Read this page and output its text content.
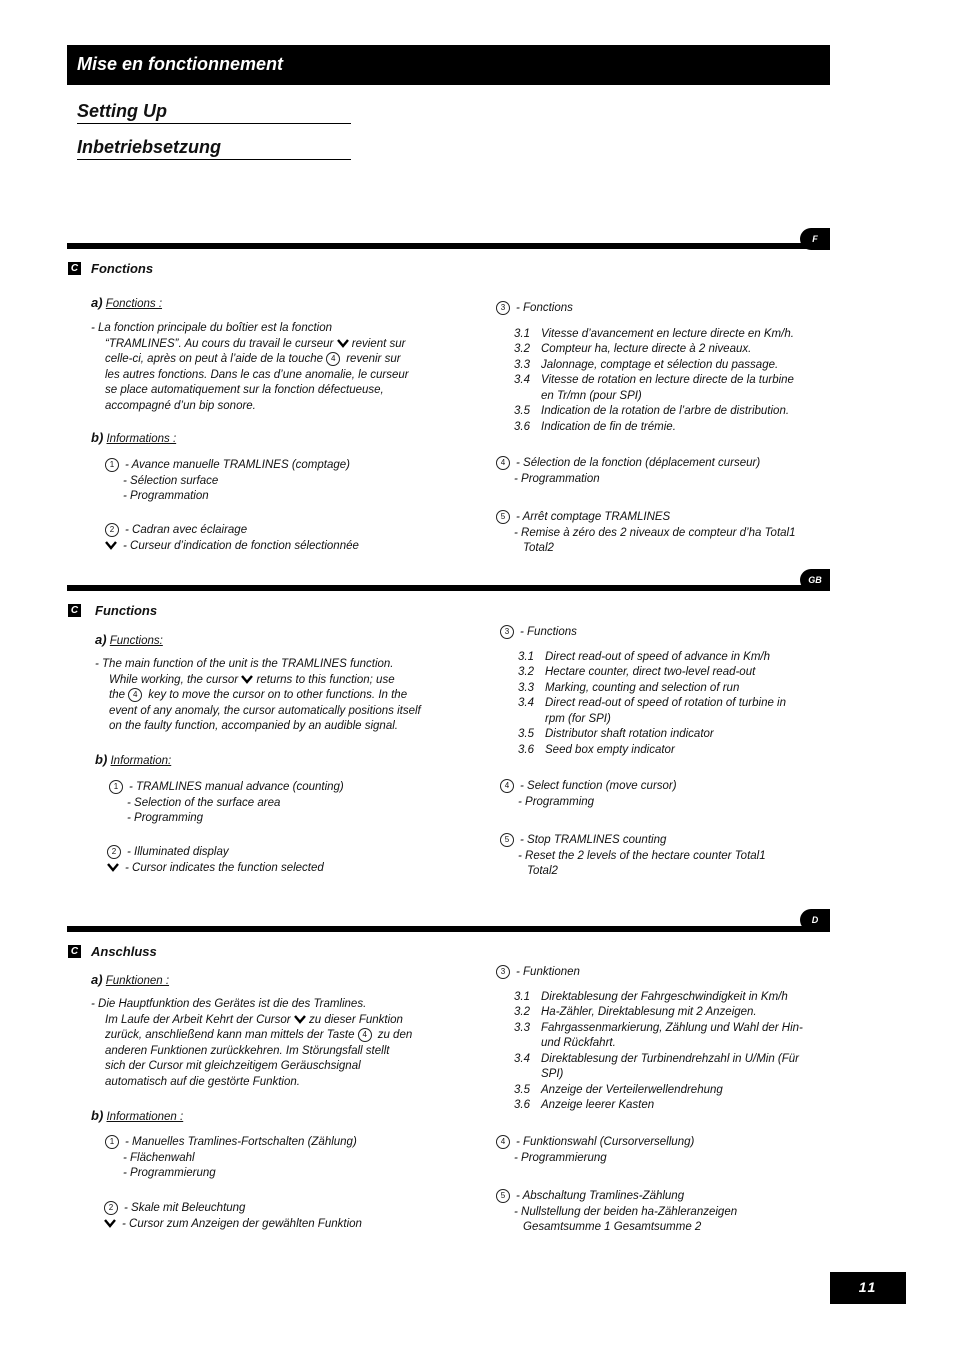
Mise en fonctionnement
Setting Up
Inbetriebsetzung
F
C Fonctions
a) Fonctions :
- La fonction principale du boîtier est la fonction
“TRAMLINES”. Au cours du travail le curseur revient sur
celle-ci, après on peut à l’aide de la touche 4 revenir sur
les autres fonctions. Dans le cas d’une anomalie, le curseur
se place automatiquement sur la fonction défectueuse,
accompagné d’un bip sonore.
b) Informations :
1 - Avance manuelle TRAMLINES (comptage)
- Sélection surface
- Programmation
2 - Cadran avec éclairage
- Curseur d’indication de fonction sélectionnée
3 - Fonctions
3.1 Vitesse d’avancement en lecture directe en Km/h.
3.2 Compteur ha, lecture directe à 2 niveaux.
3.3 Jalonnage, comptage et sélection du passage.
3.4 Vitesse de rotation en lecture directe de la turbine
en Tr/mn (pour SPI)
3.5 Indication de la rotation de l’arbre de distribution.
3.6 Indication de fin de trémie.
4 - Sélection de la fonction (déplacement curseur)
- Programmation
5 - Arrêt comptage TRAMLINES
- Remise à zéro des 2 niveaux de compteur d’ha Total1
Total2
GB
C Functions
a) Functions:
- The main function of the unit is the TRAMLINES function.
While working, the cursor returns to this function; use
the 4 key to move the cursor on to other functions. In the
event of any anomaly, the cursor automatically positions itself
on the faulty function, accompanied by an audible signal.
b) Information:
1 - TRAMLINES manual advance (counting)
- Selection of the surface area
- Programming
2 - Illuminated display
- Cursor indicates the function selected
3 - Functions
3.1 Direct read-out of speed of advance in Km/h
3.2 Hectare counter, direct two-level read-out
3.3 Marking, counting and selection of run
3.4 Direct read-out of speed of rotation of turbine in
rpm (for SPI)
3.5 Distributor shaft rotation indicator
3.6 Seed box empty indicator
4 - Select function (move cursor)
- Programming
5 - Stop TRAMLINES counting
- Reset the 2 levels of the hectare counter Total1
Total2
D
C Anschluss
a) Funktionen :
- Die Hauptfunktion des Gerätes ist die des Tramlines.
Im Laufe der Arbeit Kehrt der Cursor zu dieser Funktion
zurück, anschließend kann man mittels der Taste 4 zu den
anderen Funktionen zurückkehren. Im Störungsfall stellt
sich der Cursor mit gleichzeitigem Geräuschsignal
automatisch auf die gestörte Funktion.
b) Informationen :
1 - Manuelles Tramlines-Fortschalten (Zählung)
- Flächenwahl
- Programmierung
2 - Skale mit Beleuchtung
- Cursor zum Anzeigen der gewählten Funktion
3 - Funktionen
3.1 Direktablesung der Fahrgeschwindigkeit in Km/h
3.2 Ha-Zähler, Direktablesung mit 2 Anzeigen.
3.3 Fahrgassenmarkierung, Zählung und Wahl der Hin-
und Rückfahrt.
3.4 Direktablesung der Turbinendrehzahl in U/Min (Für
SPI)
3.5 Anzeige der Verteilerwellendrehung
3.6 Anzeige leerer Kasten
4 - Funktionswahl (Cursorversellung)
- Programmierung
5 - Abschaltung Tramlines-Zählung
- Nullstellung der beiden ha-Zähleranzeigen
Gesamtsumme 1 Gesamtsumme 2
11
